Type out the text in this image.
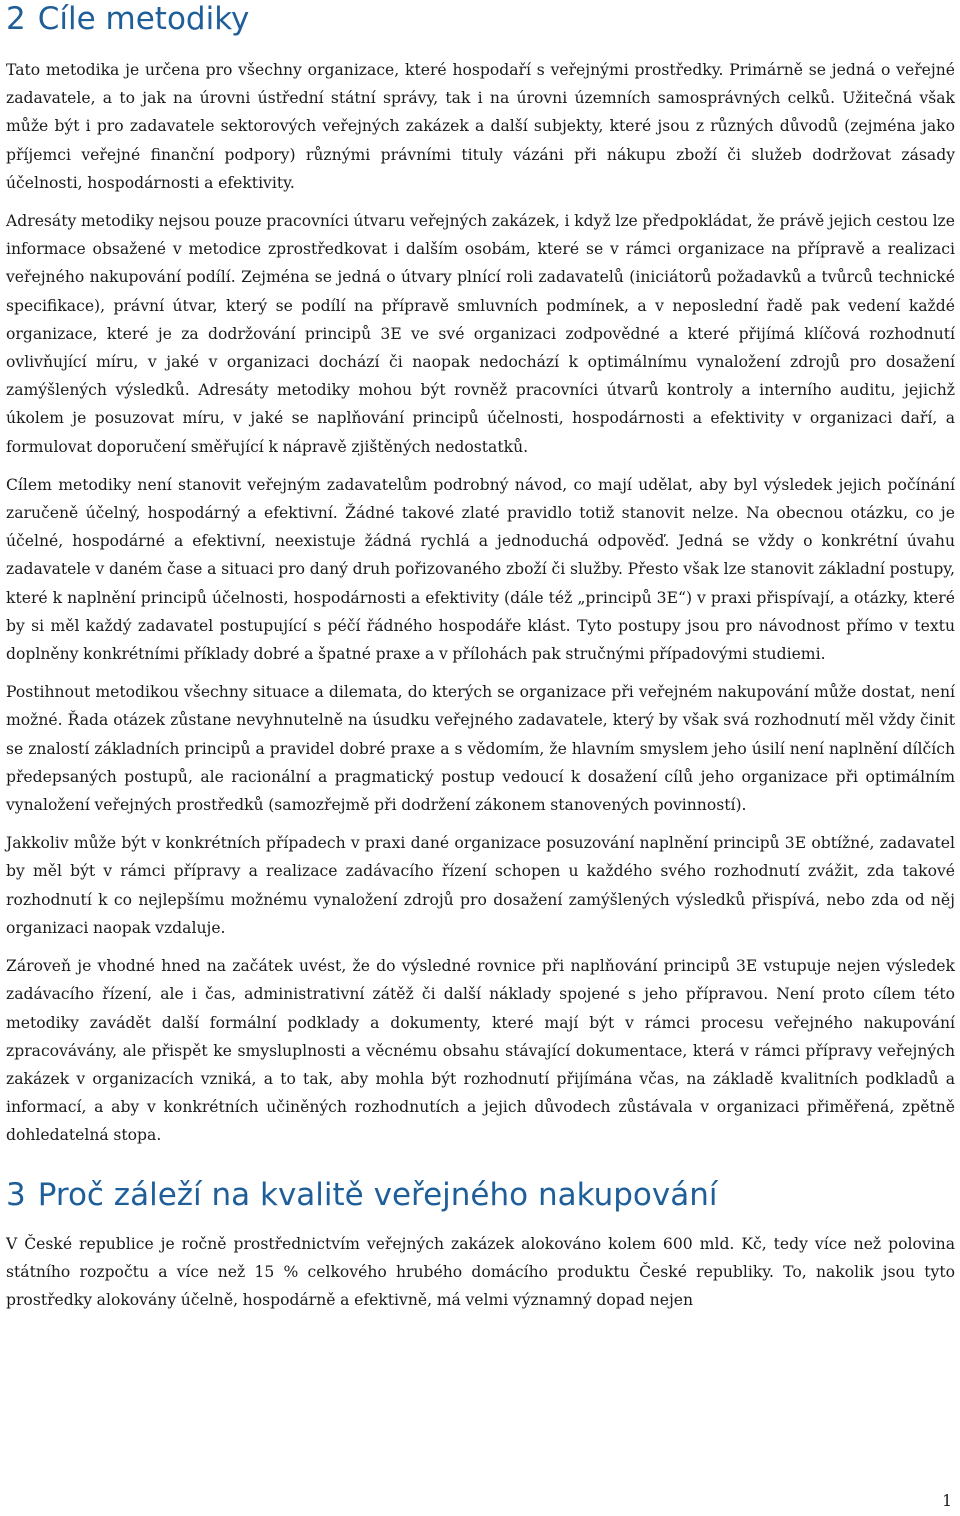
2 Cíle metodiky

Tato metodika je určena pro všechny organizace, které hospodaří s veřejnými prostředky. Primárně se jedná o veřejné zadavatele, a to jak na úrovni ústřední státní správy, tak i na úrovni územních samosprávných celků. Užitečná však může být i pro zadavatele sektorových veřejných zakázek a další subjekty, které jsou z různých důvodů (zejména jako příjemci veřejné finanční podpory) různými právními tituly vázáni při nákupu zboží či služeb dodržovat zásady účelnosti, hospodárnosti a efektivity.

Adresáty metodiky nejsou pouze pracovníci útvaru veřejných zakázek, i když lze předpokládat, že právě jejich cestou lze informace obsažené v metodice zprostředkovat i dalším osobám, které se v rámci organizace na přípravě a realizaci veřejného nakupování podílí. Zejména se jedná o útvary plnící roli zadavatelů (iniciátorů požadavků a tvůrců technické specifikace), právní útvar, který se podílí na přípravě smluvních podmínek, a v neposlední řadě pak vedení každé organizace, které je za dodržování principů 3E ve své organizaci zodpovědné a které přijímá klíčová rozhodnutí ovlivňující míru, v jaké v organizaci dochází či naopak nedochází k optimálnímu vynaložení zdrojů pro dosažení zamýšlených výsledků. Adresáty metodiky mohou být rovněž pracovníci útvarů kontroly a interního auditu, jejichž úkolem je posuzovat míru, v jaké se naplňování principů účelnosti, hospodárnosti a efektivity v organizaci daří, a formulovat doporučení směřující k nápravě zjištěných nedostatků.

Cílem metodiky není stanovit veřejným zadavatelům podrobný návod, co mají udělat, aby byl výsledek jejich počínání zaručeně účelný, hospodárný a efektivní. Žádné takové zlaté pravidlo totiž stanovit nelze. Na obecnou otázku, co je účelné, hospodárné a efektivní, neexistuje žádná rychlá a jednoduchá odpověď. Jedná se vždy o konkrétní úvahu zadavatele v daném čase a situaci pro daný druh pořizovaného zboží či služby. Přesto však lze stanovit základní postupy, které k naplnění principů účelnosti, hospodárnosti a efektivity (dále též „principů 3E“) v praxi přispívají, a otázky, které by si měl každý zadavatel postupující s péčí řádného hospodáře klást. Tyto postupy jsou pro návodnost přímo v textu doplněny konkrétními příklady dobré a špatné praxe a v přílohách pak stručnými případovými studiemi.

Postihnout metodikou všechny situace a dilemata, do kterých se organizace při veřejném nakupování může dostat, není možné. Řada otázek zůstane nevyhnutelně na úsudku veřejného zadavatele, který by však svá rozhodnutí měl vždy činit se znalostí základních principů a pravidel dobré praxe a s vědomím, že hlavním smyslem jeho úsilí není naplnění dílčích předepsaných postupů, ale racionální a pragmatický postup vedoucí k dosažení cílů jeho organizace při optimálním vynaložení veřejných prostředků (samozřejmě při dodržení zákonem stanovených povinností).

Jakkoliv může být v konkrétních případech v praxi dané organizace posuzování naplnění principů 3E obtížné, zadavatel by měl být v rámci přípravy a realizace zadávacího řízení schopen u každého svého rozhodnutí zvážit, zda takové rozhodnutí k co nejlepšímu možnému vynaložení zdrojů pro dosažení zamýšlených výsledků přispívá, nebo zda od něj organizaci naopak vzdaluje.

Zároveň je vhodné hned na začátek uvést, že do výsledné rovnice při naplňování principů 3E vstupuje nejen výsledek zadávacího řízení, ale i čas, administrativní zátěž či další náklady spojené s jeho přípravou. Není proto cílem této metodiky zavádět další formální podklady a dokumenty, které mají být v rámci procesu veřejného nakupování zpracovávány, ale přispět ke smysluplnosti a věcnému obsahu stávající dokumentace, která v rámci přípravy veřejných zakázek v organizacích vzniká, a to tak, aby mohla být rozhodnutí přijímána včas, na základě kvalitních podkladů a informací, a aby v konkrétních učiněných rozhodnutích a jejich důvodech zůstávala v organizaci přiměřená, zpětně dohledatelná stopa.

3 Proč záleží na kvalitě veřejného nakupování

V České republice je ročně prostřednictvím veřejných zakázek alokováno kolem 600 mld. Kč, tedy více než polovina státního rozpočtu a více než 15 % celkového hrubého domácího produktu České republiky. To, nakolik jsou tyto prostředky alokovány účelně, hospodárně a efektivně, má velmi významný dopad nejen

1
